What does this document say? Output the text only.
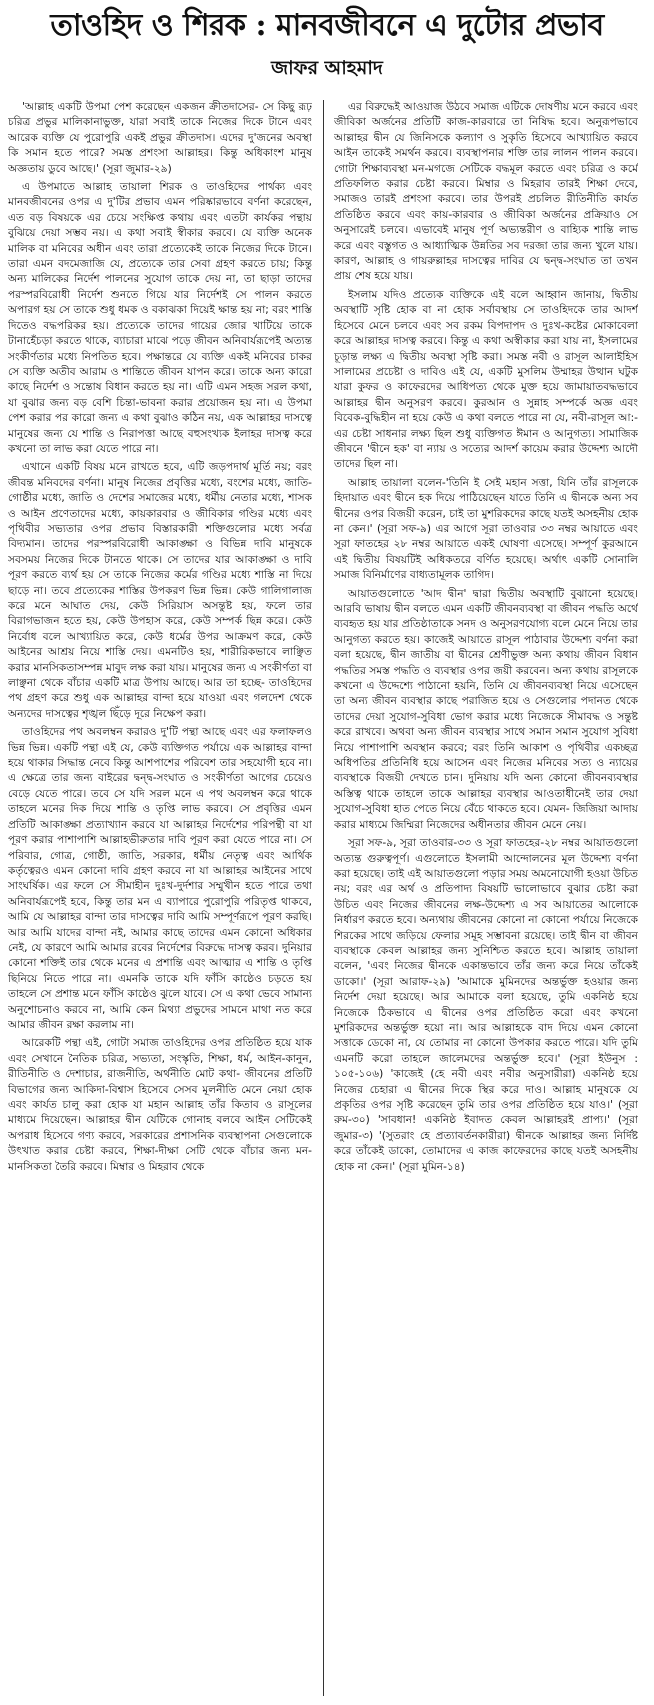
তাওহিদ ও শিরক : মানবজীবনে এ দুটোর প্রভাব
জাফর আহমাদ

'আল্লাহ একটি উপমা পেশ করেছেন একজন ক্রীতদাসের- সে কিছু রূঢ় চরিত্র প্রভুর মালিকানাভুক্ত, যারা সবাই তাকে নিজের দিকে টানে এবং আরেক ব্যক্তি যে পুরোপুরি একই প্রভুর ক্রীতদাস। এদের দু'জনের অবস্থা কি সমান হতে পারে? সমস্ত প্রশংসা আল্লাহর। কিন্তু অধিকাংশ মানুষ অজ্ঞতায় ডুবে আছে।' (সূরা জুমার-২৯)

এ উপমাতে আল্লাহ তায়ালা শিরক ও তাওহিদের পার্থক্য এবং মানবজীবনের ওপর এ দু'টির প্রভাব এমন পরিষ্কারভাবে বর্ণনা করেছেন, এত বড় বিষয়কে এর চেয়ে সংক্ষিপ্ত কথায় এবং এতটা কার্যকর পন্থায় বুঝিয়ে দেয়া সম্ভব নয়। এ কথা সবাই স্বীকার করবে। যে ব্যক্তি অনেক মালিক বা মনিবের অধীন এবং তারা প্রত্যেকেই তাকে নিজের দিকে টানে। তারা এমন বদমেজাজি যে, প্রত্যেকে তার সেবা গ্রহণ করতে চায়; কিন্তু অন্য মালিকের নির্দেশ পালনের সুযোগ তাকে দেয় না, তা ছাড়া তাদের পরস্পরবিরোধী নির্দেশ শুনতে গিয়ে যার নির্দেশই সে পালন করতে অপারগ হয় সে তাকে শুধু ধমক ও বকাঝকা দিয়েই ক্ষান্ত হয় না; বরং শাস্তি দিতেও বদ্ধপরিকর হয়। প্রত্যেকে তাদের গায়ের জোর খাটিয়ে তাকে টানাহেঁচড়া করতে থাকে, ব্যাচারা মাঝে পড়ে জীবন অনিবার্যরূপেই অত্যন্ত সংকীর্ণতার মধ্যে নিপতিত হবে। পক্ষান্তরে যে ব্যক্তি একই মনিবের চাকর সে ব্যক্তি অতীব আরাম ও শান্তিতে জীবন যাপন করে। তাকে অন্য কারো কাছে নির্দেশ ও সন্তোষ বিধান করতে হয় না। এটি এমন সহজ সরল কথা, যা বুঝার জন্য বড় বেশি চিন্তা-ভাবনা করার প্রয়োজন হয় না। এ উপমা পেশ করার পর কারো জন্য এ কথা বুঝাও কঠিন নয়, এক আল্লাহর দাসত্বে মানুষের জন্য যে শান্তি ও নিরাপত্তা আছে বহুসংখ্যক ইলাহর দাসত্ব করে কখনো তা লাভ করা যেতে পারে না।

এখানে একটি বিষয় মনে রাখতে হবে, এটি জড়পদার্থ মূর্তি নয়; বরং জীবন্ত মনিবদের বর্ণনা। মানুষ নিজের প্রবৃত্তির মধ্যে, বংশের মধ্যে, জাতি-গোষ্ঠীর মধ্যে, জাতি ও দেশের সমাজের মধ্যে, ধর্মীয় নেতার মধ্যে, শাসক ও আইন প্রণেতাদের মধ্যে, কায়কারবার ও জীবিকার গণ্ডির মধ্যে এবং পৃথিবীর সভ্যতার ওপর প্রভাব বিস্তারকারী শক্তিগুলোর মধ্যে সর্বত্র বিদ্যমান। তাদের পরস্পরবিরোধী আকাঙ্ক্ষা ও বিভিন্ন দাবি মানুষকে সবসময় নিজের দিকে টানতে থাকে। সে তাদের যার আকাঙ্ক্ষা ও দাবি পূরণ করতে ব্যর্থ হয় সে তাকে নিজের কর্মের গণ্ডির মধ্যে শাস্তি না দিয়ে ছাড়ে না। তবে প্রত্যেকের শাস্তির উপকরণ ভিন্ন ভিন্ন। কেউ গালিগালাজ করে মনে আঘাত দেয়, কেউ সিরিয়াস অসন্তুষ্ট হয়, ফলে তার বিরাগভাজন হতে হয়, কেউ উপহাস করে, কেউ সম্পর্ক ছিন্ন করে। কেউ নির্বোধ বলে আখ্যায়িত করে, কেউ ধর্মের উপর আক্রমণ করে, কেউ আইনের আশ্রয় নিয়ে শাস্তি দেয়। এমনটিও হয়, শারীরিকভাবে লাঞ্ছিত করার মানসিকতাসম্পন্ন মাবুদ লক্ষ করা যায়। মানুষের জন্য এ সংকীর্ণতা বা লাঞ্ছনা থেকে বাঁচার একটি মাত্র উপায় আছে। আর তা হচ্ছে- তাওহিদের পথ গ্রহণ করে শুধু এক আল্লাহর বান্দা হয়ে যাওয়া এবং গলদেশ থেকে অন্যদের দাসত্বের শৃঙ্খল ছিঁড়ে দূরে নিক্ষেপ করা।

তাওহিদের পথ অবলম্বন করারও দু'টি পন্থা আছে এবং এর ফলাফলও ভিন্ন ভিন্ন। একটি পন্থা এই যে, কেউ ব্যক্তিগত পর্যায়ে এক আল্লাহর বান্দা হয়ে থাকার সিদ্ধান্ত নেবে কিন্তু আশপাশের পরিবেশ তার সহযোগী হবে না। এ ক্ষেত্রে তার জন্য বাইরের দ্বন্দ্ব-সংঘাত ও সংকীর্ণতা আগের চেয়েও বেড়ে যেতে পারে। তবে সে যদি সরল মনে এ পথ অবলম্বন করে থাকে তাহলে মনের দিক দিয়ে শান্তি ও তৃপ্তি লাভ করবে। সে প্রবৃত্তির এমন প্রতিটি আকাঙ্ক্ষা প্রত্যাখ্যান করবে যা আল্লাহর নির্দেশের পরিপন্থী বা যা পূরণ করার পাশাপাশি আল্লাহভীরুতার দাবি পূরণ করা যেতে পারে না। সে পরিবার, গোত্র, গোষ্ঠী, জাতি, সরকার, ধর্মীয় নেতৃত্ব এবং আর্থিক কর্তৃত্বেরও এমন কোনো দাবি গ্রহণ করবে না যা আল্লাহর আইনের সাথে সাংঘর্ষিক। এর ফলে সে সীমাহীন দুঃখ-দুর্দশার সম্মুখীন হতে পারে তথা অনিবার্যরূপেই হবে, কিন্তু তার মন এ ব্যাপারে পুরোপুরি পরিতৃপ্ত থাকবে, আমি যে আল্লাহর বান্দা তার দাসত্বের দাবি আমি সম্পূর্ণরূপে পূরণ করছি। আর আমি যাদের বান্দা নই, আমার কাছে তাদের এমন কোনো অধিকার নেই, যে কারণে আমি আমার রবের নির্দেশের বিরুদ্ধে দাসত্ব করব। দুনিয়ার কোনো শক্তিই তার থেকে মনের এ প্রশান্তি এবং আত্মার এ শান্তি ও তৃপ্তি ছিনিয়ে নিতে পারে না। এমনকি তাকে যদি ফাঁসি কাষ্ঠেও চড়তে হয় তাহলে সে প্রশান্ত মনে ফাঁসি কাষ্ঠেও ঝুলে যাবে। সে এ কথা ভেবে সামান্য অনুশোচনাও করবে না, আমি কেন মিথ্যা প্রভুদের সামনে মাথা নত করে আমার জীবন রক্ষা করলাম না।

আরেকটি পন্থা এই, গোটা সমাজ তাওহিদের ওপর প্রতিষ্ঠিত হয়ে যাক এবং সেখানে নৈতিক চরিত্র, সভ্যতা, সংস্কৃতি, শিক্ষা, ধর্ম, আইন-কানুন, রীতিনীতি ও দেশাচার, রাজনীতি, অর্থনীতি মোট কথা- জীবনের প্রতিটি বিভাগের জন্য আকিদা-বিশ্বাস হিসেবে সেসব মূলনীতি মেনে নেয়া হোক এবং কার্যত চালু করা হোক যা মহান আল্লাহ তাঁর কিতাব ও রাসূলের মাধ্যমে দিয়েছেন। আল্লাহর দ্বীন যেটিকে গোনাহ বলবে আইন সেটিকেই অপরাধ হিসেবে গণ্য করবে, সরকারের প্রশাসনিক ব্যবস্থাপনা সেগুলোকে উৎখাত করার চেষ্টা করবে, শিক্ষা-দীক্ষা সেটি থেকে বাঁচার জন্য মন-মানসিকতা তৈরি করবে। মিম্বার ও মিহরাব থেকে

এর বিরুদ্ধেই আওয়াজ উঠবে সমাজ এটিকে দোষণীয় মনে করবে এবং জীবিকা অর্জনের প্রতিটি কাজ-কারবারে তা নিষিদ্ধ হবে। অনুরূপভাবে আল্লাহর দ্বীন যে জিনিসকে কল্যাণ ও সুকৃতি হিসেবে আখ্যায়িত করবে আইন তাকেই সমর্থন করবে। ব্যবস্থাপনার শক্তি তার লালন পালন করবে। গোটা শিক্ষাব্যবস্থা মন-মগজে সেটিকে বদ্ধমূল করতে এবং চরিত্র ও কর্মে প্রতিফলিত করার চেষ্টা করবে। মিম্বার ও মিহরাব তারই শিক্ষা দেবে, সমাজও তারই প্রশংসা করবে। তার উপরই প্রচলিত রীতিনীতি কার্যত প্রতিষ্ঠিত করবে এবং কায়-কারবার ও জীবিকা অর্জনের প্রক্রিয়াও সে অনুসারেই চলবে। এভাবেই মানুষ পূর্ণ অভ্যন্তরীণ ও বাহ্যিক শান্তি লাভ করে এবং বস্তুগত ও আধ্যাত্মিক উন্নতির সব দরজা তার জন্য খুলে যায়। কারণ, আল্লাহ ও গায়রুল্লাহর দাসত্বের দাবির যে দ্বন্দ্ব-সংঘাত তা তখন প্রায় শেষ হয়ে যায়।

ইসলাম যদিও প্রত্যেক ব্যক্তিকে এই বলে আহ্বান জানায়, দ্বিতীয় অবস্থাটি সৃষ্টি হোক বা না হোক সর্বাবস্থায় সে তাওহিদকে তার আদর্শ হিসেবে মেনে চলবে এবং সব রকম বিপদাপদ ও দুঃখ-কষ্টের মোকাবেলা করে আল্লাহর দাসত্ব করবে। কিন্তু এ কথা অস্বীকার করা যায় না, ইসলামের চূড়ান্ত লক্ষ্য এ দ্বিতীয় অবস্থা সৃষ্টি করা। সমস্ত নবী ও রাসূল আলাইহিস সালামের প্রচেষ্টা ও দাবিও এই যে, একটি মুসলিম উম্মাহর উত্থান ঘটুক যারা কুফর ও কাফেরদের আধিপত্য থেকে মুক্ত হয়ে জামায়াতবদ্ধভাবে আল্লাহর দ্বীন অনুসরণ করবে। কুরআন ও সুন্নাহ সম্পর্কে অজ্ঞ এবং বিবেক-বুদ্ধিহীন না হয়ে কেউ এ কথা বলতে পারে না যে, নবী-রাসূল আ:-এর চেষ্টা সাধনার লক্ষ্য ছিল শুধু ব্যক্তিগত ঈমান ও আনুগত্য। সামাজিক জীবনে 'দ্বীনে হক' বা ন্যায় ও সত্যের আদর্শ কায়েম করার উদ্দেশ্য আদৌ তাদের ছিল না।

আল্লাহ তায়ালা বলেন-'তিনি ই সেই মহান সত্তা, যিনি তাঁর রাসূলকে হিদায়াত এবং দ্বীনে হক দিয়ে পাঠিয়েছেন যাতে তিনি এ দ্বীনকে অন্য সব দ্বীনের ওপর বিজয়ী করেন, চাই তা মুশরিকদের কাছে যতই অসহনীয় হোক না কেন।' (সূরা সফ-৯) এর আগে সূরা তাওবার ৩৩ নম্বর আয়াতে এবং সূরা ফাতহের ২৮ নম্বর আয়াতে একই ঘোষণা এসেছে। সম্পূর্ণ কুরআনে এই দ্বিতীয় বিষয়টিই অধিকতরে বর্ণিত হয়েছে। অর্থাৎ একটি সোনালি সমাজ বিনির্মাণের বাধ্যতামূলক তাগিদ।

আয়াতগুলোতে 'আদ দ্বীন' দ্বারা দ্বিতীয় অবস্থাটি বুঝানো হয়েছে। আরবি ভাষায় দ্বীন বলতে এমন একটি জীবনব্যবস্থা বা জীবন পদ্ধতি অর্থে ব্যবহৃত হয় যার প্রতিষ্ঠাতাকে সনদ ও অনুসরণযোগ্য বলে মেনে নিয়ে তার আনুগত্য করতে হয়। কাজেই আয়াতে রাসূল পাঠাবার উদ্দেশ্য বর্ণনা করা বলা হয়েছে, দ্বীন জাতীয় বা দ্বীনের শ্রেণীভুক্ত অন্য কথায় জীবন বিধান পদ্ধতির সমস্ত পদ্ধতি ও ব্যবস্থার ওপর জয়ী করবেন। অন্য কথায় রাসূলকে কখনো এ উদ্দেশ্যে পাঠানো হয়নি, তিনি যে জীবনব্যবস্থা নিয়ে এসেছেন তা অন্য জীবন ব্যবস্থার কাছে পরাজিত হয়ে ও সেগুলোর পদানত থেকে তাদের দেয়া সুযোগ-সুবিধা ভোগ করার মধ্যে নিজেকে সীমাবদ্ধ ও সন্তুষ্ট করে রাখবে। অথবা অন্য জীবন ব্যবস্থার সাথে সমান সমান সুযোগ সুবিধা নিয়ে পাশাপাশি অবস্থান করবে; বরং তিনি আকাশ ও পৃথিবীর একচ্ছত্র অধিপতির প্রতিনিধি হয়ে আসেন এবং নিজের মনিবের সত্য ও ন্যায়ের ব্যবস্থাকে বিজয়ী দেখতে চান। দুনিয়ায় যদি অন্য কোনো জীবনব্যবস্থার অস্তিত্ব থাকে তাহলে তাকে আল্লাহর ব্যবস্থার আওতাধীনেই তার দেয়া সুযোগ-সুবিধা হাত পেতে নিয়ে বেঁচে থাকতে হবে। যেমন- জিজিয়া আদায় করার মাধ্যমে জিম্মিরা নিজেদের অধীনতার জীবন মেনে নেয়।

সূরা সফ-৯, সূরা তাওবার-৩৩ ও সূরা ফাতহের-২৮ নম্বর আয়াতগুলো অত্যন্ত গুরুত্বপূর্ণ। এগুলোতে ইসলামী আন্দোলনের মূল উদ্দেশ্য বর্ণনা করা হয়েছে। তাই এই আয়াতগুলো পড়ার সময় অমনোযোগী হওয়া উচিত নয়; বরং এর অর্থ ও প্রতিপাদ্য বিষয়টি ভালোভাবে বুঝার চেষ্টা করা উচিত এবং নিজের জীবনের লক্ষ-উদ্দেশ্য এ সব আয়াতের আলোকে নির্ধারণ করতে হবে। অন্যথায় জীবনের কোনো না কোনো পর্যায়ে নিজেকে শিরকের সাথে জড়িয়ে ফেলার সমূহ সম্ভাবনা রয়েছে। তাই দ্বীন বা জীবন ব্যবস্থাকে কেবল আল্লাহর জন্য সুনিশ্চিত করতে হবে। আল্লাহ তায়ালা বলেন, 'এবং নিজের দ্বীনকে একান্তভাবে তাঁর জন্য করে নিয়ে তাঁকেই ডাকো।' (সূরা আরাফ-২৯) 'আমাকে মুমিনদের অন্তর্ভুক্ত হওয়ার জন্য নির্দেশ দেয়া হয়েছে। আর আমাকে বলা হয়েছে, তুমি একনিষ্ঠ হয়ে নিজেকে ঠিকভাবে এ দ্বীনের ওপর প্রতিষ্ঠিত করো এবং কখনো মুশরিকদের অন্তর্ভুক্ত হয়ো না। আর আল্লাহকে বাদ দিয়ে এমন কোনো সত্তাকে ডেকো না, যে তোমার না কোনো উপকার করতে পারে। যদি তুমি এমনটি করো তাহলে জালেমদের অন্তর্ভুক্ত হবে।' (সূরা ইউনুস : ১০৫-১০৬) 'কাজেই (হে নবী এবং নবীর অনুসারীরা) একনিষ্ঠ হয়ে নিজের চেহারা এ দ্বীনের দিকে স্থির করে দাও। আল্লাহ মানুষকে যে প্রকৃতির ওপর সৃষ্টি করেছেন তুমি তার ওপর প্রতিষ্ঠিত হয়ে যাও।' (সূরা রুম-৩০) 'সাবধান! একনিষ্ঠ ইবাদত কেবল আল্লাহরই প্রাপ্য।' (সূরা জুমার-৩) '(সুতরাং হে প্রত্যাবর্তনকারীরা) দ্বীনকে আল্লাহর জন্য নির্দিষ্ট করে তাঁকেই ডাকো, তোমাদের এ কাজ কাফেরদের কাছে যতই অসহনীয় হোক না কেন।' (সূরা মুমিন-১৪)
